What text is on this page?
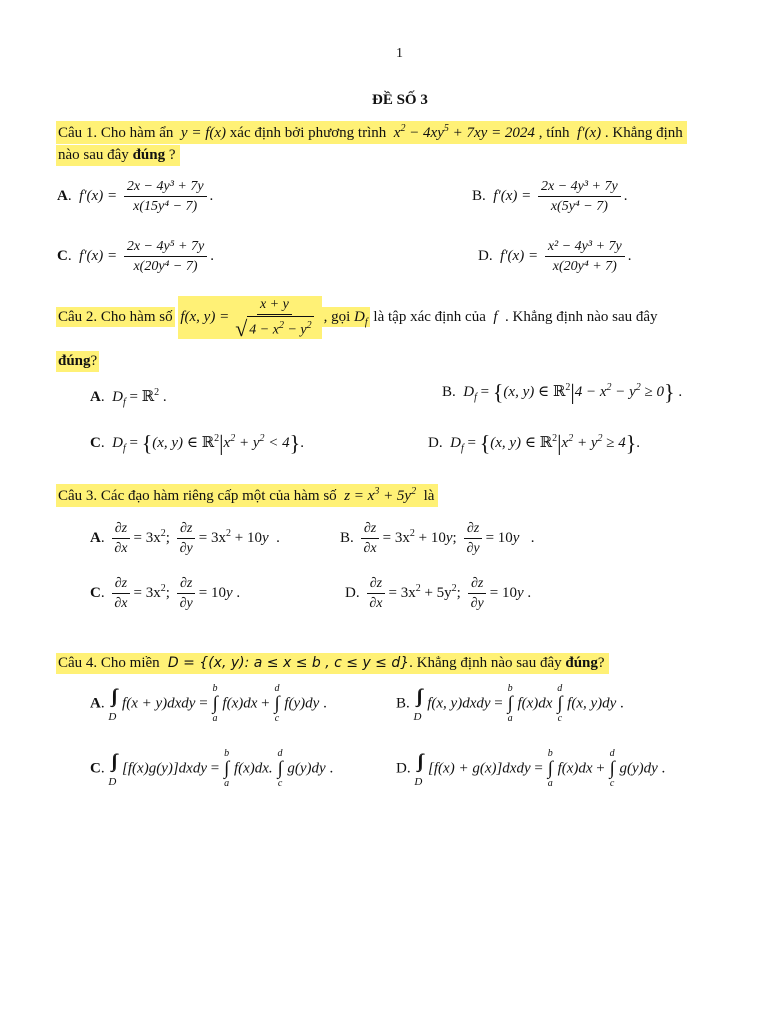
1
ĐỀ SỐ 3
Câu 1. Cho hàm ẩn  y = f(x) xác định bởi phương trình  $x^2 - 4xy^5 + 7xy = 2024$ , tính  f′(x) . Khẳng định
nào sau đây đúng ?
A.  $f'(x) = \frac{\text{2x − 4y³ + 7y}}{\text{x(15y⁴ − 7)}}$ .	B.  $f'(x) = \frac{\text{2x − 4y³ + 7y}}{\text{x(5y⁴ − 7)}}$ .
C.  $f'(x) = \frac{\text{2x − 4y⁵ + 7y}}{\text{x(20y⁴ − 7)}}$ .	D.  $f'(x) = \frac{\text{x² − 4y³ + 7y}}{\text{x(20y⁴ + 7)}}$ .
Câu 2. Cho hàm số f(x, $y) = \frac{x + y}{√ 4 - x^2 - y^2}$ , gọi $D_f$ là tập xác định của  f  . Khẳng định nào sau đây
đúng?
A.  $D_f$ = ℝ$^2$ .	B.  $D_f = \{(x$, y) ∈ ℝ$^2$|4 − $x^2 - y^2 \ge 0$} .
C.  $D_f = \{(x$, y) ∈ $ℝ^2|x^2 + y^2 < 4$}.	D.  $D_f = \{(x$, y) ∈ $ℝ^2|x^2 + y^2 \ge 4$}.
Câu 3. Các đạo hàm riêng cấp một của hàm số  $z = x^3 + 5y^2$ là
A. $\frac{\partial z}{\partial x} = 3x^2$; $\frac{\partial z}{\partial y} = 3x^2 + 10y$  .	B. $\frac{\partial z}{\partial x} = 3x^2 + 10y$; $\frac{\partial z}{\partial y} = 10y$   .
C. $\frac{\partial z}{\partial x} = 3x^2$; $\frac{\partial z}{\partial y} = 10y$ .	D. $\frac{\partial z}{\partial x} = 3x^2 + 5y^2$; $\frac{\partial z}{\partial y} = 10y$ .
Câu 4. Cho miền  D = {(x, y): a ≤ x ≤ b , c ≤ y ≤ d}. Khẳng định nào sau đây đúng?
A. ∫∫
D
f(x + y)dxdy =
b
∫
a
f(x)dx +
d
∫
c
f(y)dy .	B. ∫∫
D
f(x, y)dxdy =
b
∫
a
f(x)dx
d
∫
c
f(x, y)dy .
C. ∫∫
D
[f(x)g(y)]dxdy =
b
∫
a
f(x)dx.
d
∫
c
g(y)dy .	D. ∫∫
D
[f(x) + g(x)]dxdy =
b
∫
a
f(x)dx +
d
∫
c
g(y)dy .
